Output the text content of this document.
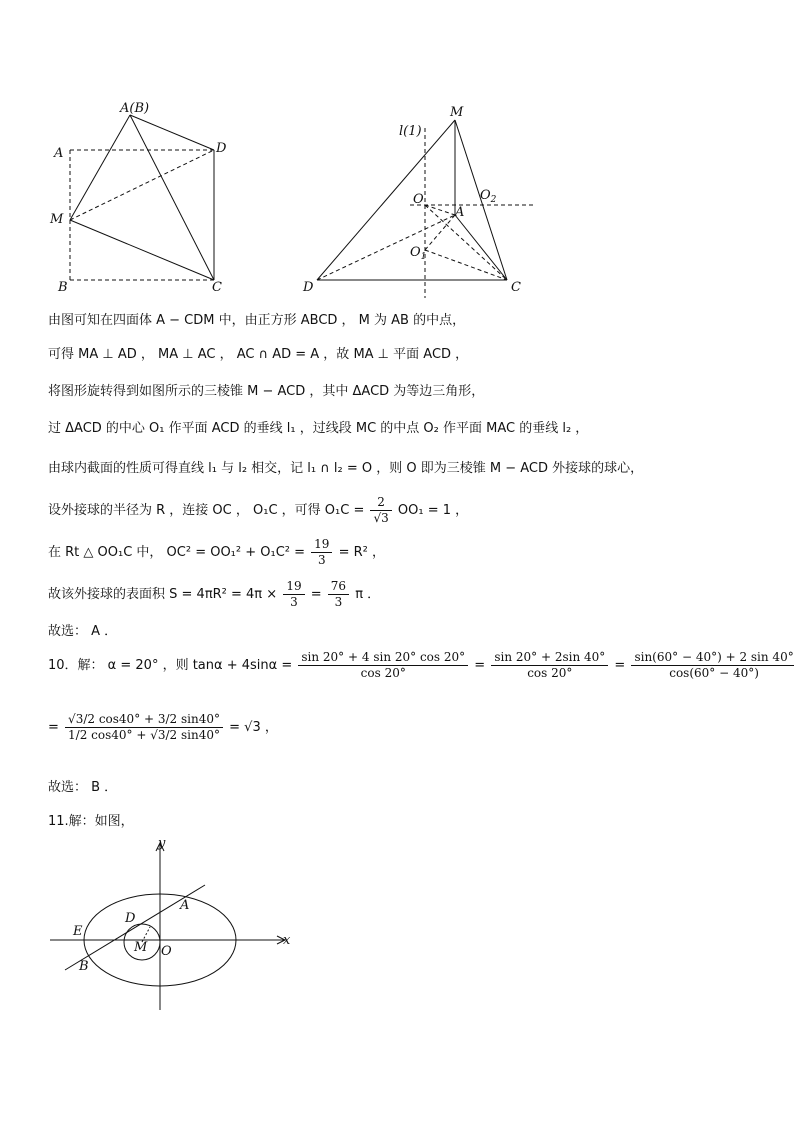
A(B)
A	D
M
B	C
l(1)
M
O	$O_2$
A
$O_1$
D	C
由图可知在四面体 A − CDM 中，由正方形 ABCD ， M 为 AB 的中点，
可得 MA ⊥ AD ， MA ⊥ AC ， AC ∩ AD = A ，故 MA ⊥ 平面 ACD ，
将图形旋转得到如图所示的三棱锥 M − ACD ，其中 ΔACD 为等边三角形，
过 ΔACD 的中心 O₁ 作平面 ACD 的垂线 l₁ ，过线段 MC 的中点 O₂ 作平面 MAC 的垂线 l₂ ，
由球内截面的性质可得直线 l₁ 与 l₂ 相交，记 l₁ ∩ l₂ = O ，则 O 即为三棱锥 M − ACD 外接球的球心，
设外接球的半径为 R ，连接 OC ， O₁C ，可得 $O_1C = \frac{2}{√3} OO_1 = 1$ ，
在 Rt △ OO₁C 中， $OC^2 = OO_1^2 + O_1C^2 = \frac{19}{3} = R^2$ ，
故该外接球的表面积 $S = 4\pi R^2 = 4\pi \times \frac{19}{3} = \frac{76}{3}$ π ．
故选： A ．
10．解： α = 20° ，则 $\tan\alpha + 4\sin\alpha = \frac{\sin 20^\circ + 4 \sin 20^\circ \cos 20^\circ}{\cos 20^\circ} = \frac{\sin 20^\circ + 2\sin 40^\circ}{\cos 20^\circ} = \frac{\sin(60^\circ - 40^\circ) + 2 \sin 40^\circ}{\cos(60^\circ - 40^\circ)}$
= $\frac{√3/2 \cos 40^\circ + 3/2 \sin 40^\circ}{1/2 \cos 40^\circ + √3/2 \sin 40^\circ} = √3$ ，
故选： B ．
11.解：如图，
y
x
A
D
E
M O
B
